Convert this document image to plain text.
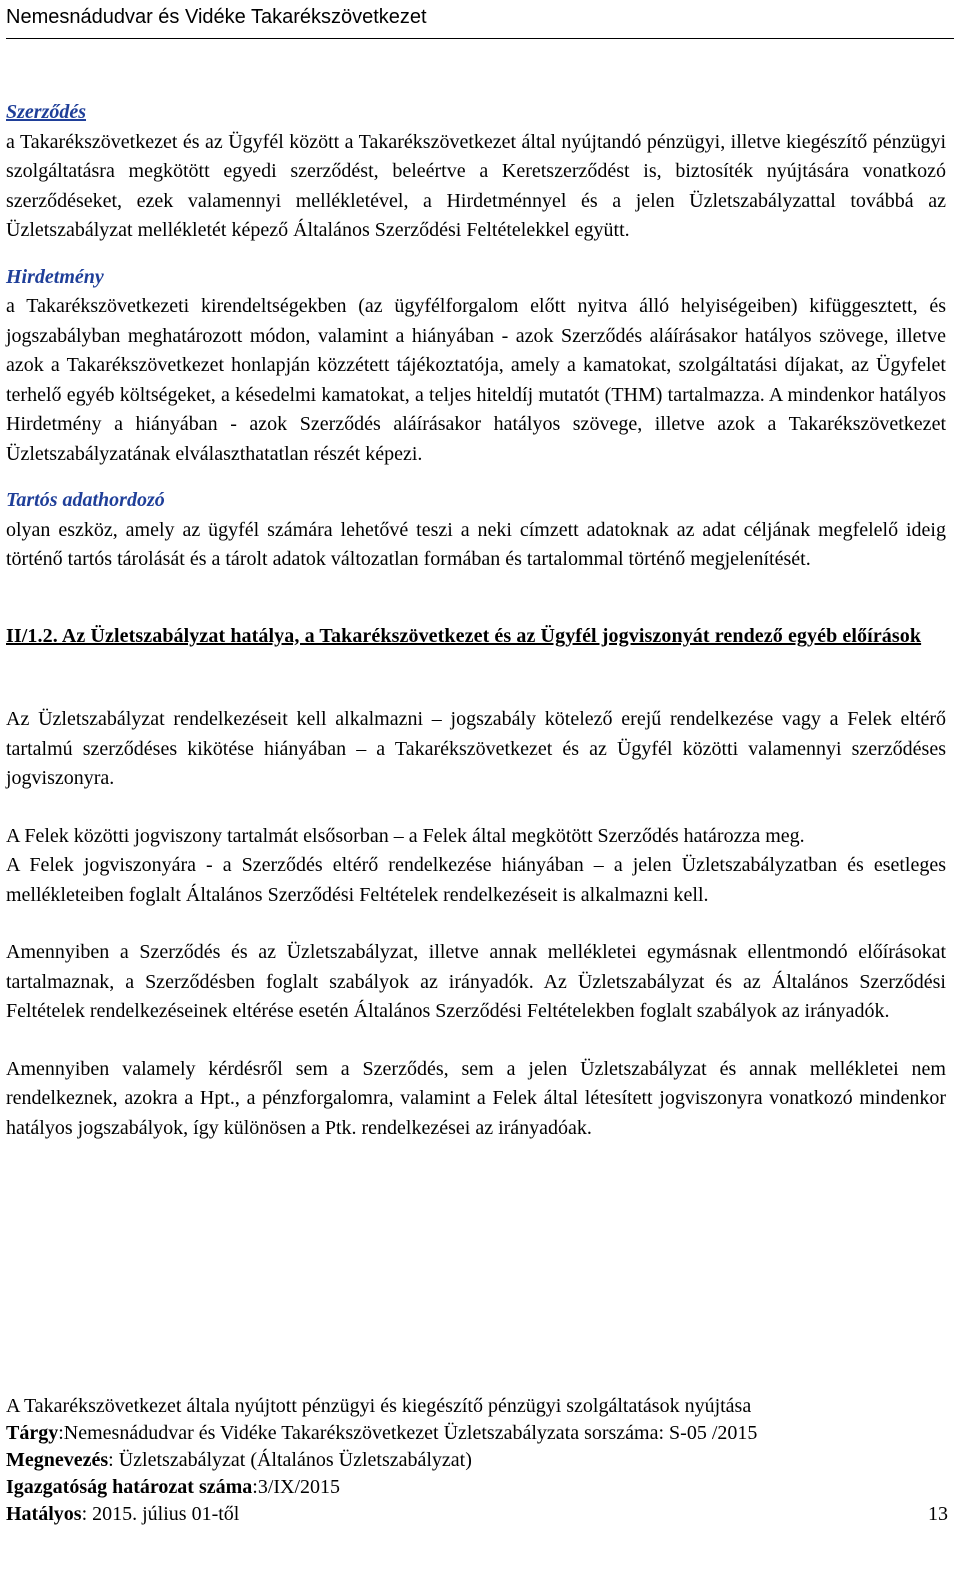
Nemesnádudvar és Vidéke Takarékszövetkezet
Szerződés

a Takarékszövetkezet és az Ügyfél között a Takarékszövetkezet által nyújtandó pénzügyi, illetve kiegészítő pénzügyi szolgáltatásra megkötött egyedi szerződést, beleértve a Keretszerződést is, biztosíték nyújtására vonatkozó szerződéseket, ezek valamennyi mellékletével, a Hirdetménnyel és a jelen Üzletszabályzattal továbbá az Üzletszabályzat mellékletét képező Általános Szerződési Feltételekkel együtt.

Hirdetmény

a Takarékszövetkezeti kirendeltségekben (az ügyfélforgalom előtt nyitva álló helyiségeiben) kifüggesztett, és jogszabályban meghatározott módon, valamint a hiányában - azok Szerződés aláírásakor hatályos szövege, illetve azok a Takarékszövetkezet honlapján közzétett tájékoztatója, amely a kamatokat, szolgáltatási díjakat, az Ügyfelet terhelő egyéb költségeket, a késedelmi kamatokat, a teljes hiteldíj mutatót (THM) tartalmazza. A mindenkor hatályos Hirdetmény a hiányában - azok Szerződés aláírásakor hatályos szövege, illetve azok a Takarékszövetkezet Üzletszabályzatának elválaszthatatlan részét képezi.

Tartós adathordozó

olyan eszköz, amely az ügyfél számára lehetővé teszi a neki címzett adatoknak az adat céljának megfelelő ideig történő tartós tárolását és a tárolt adatok változatlan formában és tartalommal történő megjelenítését.

II/1.2. Az Üzletszabályzat hatálya, a Takarékszövetkezet és az Ügyfél jogviszonyát rendező egyéb előírások

Az Üzletszabályzat rendelkezéseit kell alkalmazni – jogszabály kötelező erejű rendelkezése vagy a Felek eltérő tartalmú szerződéses kikötése hiányában – a Takarékszövetkezet és az Ügyfél közötti valamennyi szerződéses jogviszonyra.

A Felek közötti jogviszony tartalmát elsősorban – a Felek által megkötött Szerződés határozza meg.

A Felek jogviszonyára - a Szerződés eltérő rendelkezése hiányában – a jelen Üzletszabályzatban és esetleges mellékleteiben foglalt Általános Szerződési Feltételek rendelkezéseit is alkalmazni kell.

Amennyiben a Szerződés és az Üzletszabályzat, illetve annak mellékletei egymásnak ellentmondó előírásokat tartalmaznak, a Szerződésben foglalt szabályok az irányadók. Az Üzletszabályzat és az Általános Szerződési Feltételek rendelkezéseinek eltérése esetén Általános Szerződési Feltételekben foglalt szabályok az irányadók.

Amennyiben valamely kérdésről sem a Szerződés, sem a jelen Üzletszabályzat és annak mellékletei nem rendelkeznek, azokra a Hpt., a pénzforgalomra, valamint a Felek által létesített jogviszonyra vonatkozó mindenkor hatályos jogszabályok, így különösen a Ptk. rendelkezései az irányadóak.

A Takarékszövetkezet általa nyújtott pénzügyi és kiegészítő pénzügyi szolgáltatások nyújtása
Tárgy:Nemesnádudvar és Vidéke Takarékszövetkezet Üzletszabályzata sorszáma: S-05 /2015
Megnevezés: Üzletszabályzat (Általános Üzletszabályzat)
Igazgatóság határozat száma:3/IX/2015
Hatályos: 2015. július 01-től	13
